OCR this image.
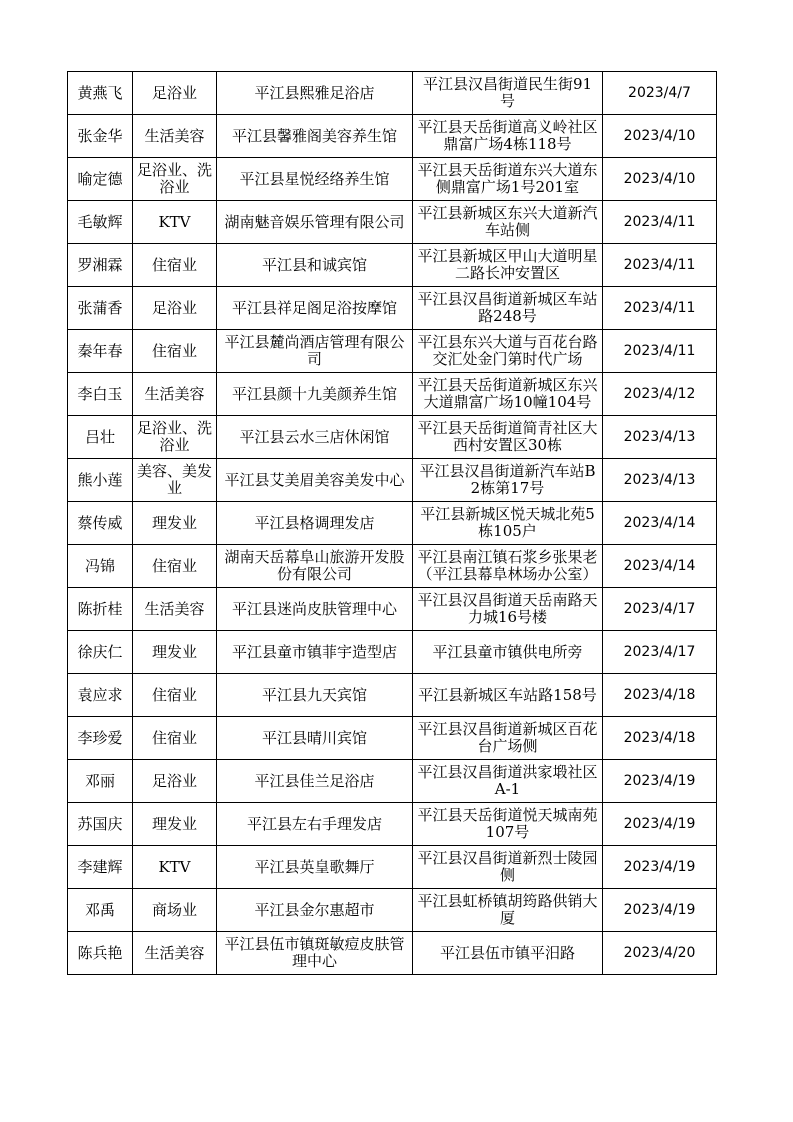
黄燕飞	足浴业	平江县熙雅足浴店	平江县汉昌街道民生街91号	2023/4/7

张金华	生活美容	平江县馨雅阁美容养生馆	平江县天岳街道高义岭社区鼎富广场4栋118号	2023/4/10

喻定德	足浴业、洗浴业	平江县星悦经络养生馆	平江县天岳街道东兴大道东侧鼎富广场1号201室	2023/4/10

毛敏辉	KTV	湖南魅音娱乐管理有限公司	平江县新城区东兴大道新汽车站侧	2023/4/11

罗湘霖	住宿业	平江县和诚宾馆	平江县新城区甲山大道明星二路长冲安置区	2023/4/11

张蒲香	足浴业	平江县祥足阁足浴按摩馆	平江县汉昌街道新城区车站路248号	2023/4/11

秦年春	住宿业	平江县麓尚酒店管理有限公司	平江县东兴大道与百花台路交汇处金门第时代广场	2023/4/11

李白玉	生活美容	平江县颜十九美颜养生馆	平江县天岳街道新城区东兴大道鼎富广场10幢104号	2023/4/12

吕壮	足浴业、洗浴业	平江县云水三店休闲馆	平江县天岳街道简青社区大西村安置区30栋	2023/4/13

熊小莲	美容、美发业	平江县艾美眉美容美发中心	平江县汉昌街道新汽车站B2栋第17号	2023/4/13

蔡传威	理发业	平江县格调理发店	平江县新城区悦天城北苑5栋105户	2023/4/14

冯锦	住宿业	湖南天岳幕阜山旅游开发股份有限公司	平江县南江镇石浆乡张果老（平江县幕阜林场办公室）	2023/4/14

陈折桂	生活美容	平江县迷尚皮肤管理中心	平江县汉昌街道天岳南路天力城16号楼	2023/4/17

徐庆仁	理发业	平江县童市镇菲宇造型店	平江县童市镇供电所旁	2023/4/17

袁应求	住宿业	平江县九天宾馆	平江县新城区车站路158号	2023/4/18

李珍爱	住宿业	平江县晴川宾馆	平江县汉昌街道新城区百花台广场侧	2023/4/18

邓丽	足浴业	平江县佳兰足浴店	平江县汉昌街道洪家塅社区A-1	2023/4/19

苏国庆	理发业	平江县左右手理发店	平江县天岳街道悦天城南苑107号	2023/4/19

李建辉	KTV	平江县英皇歌舞厅	平江县汉昌街道新烈士陵园侧	2023/4/19

邓禹	商场业	平江县金尔惠超市	平江县虹桥镇胡筠路供销大厦	2023/4/19

陈兵艳	生活美容	平江县伍市镇斑敏痘皮肤管理中心	平江县伍市镇平汨路	2023/4/20
